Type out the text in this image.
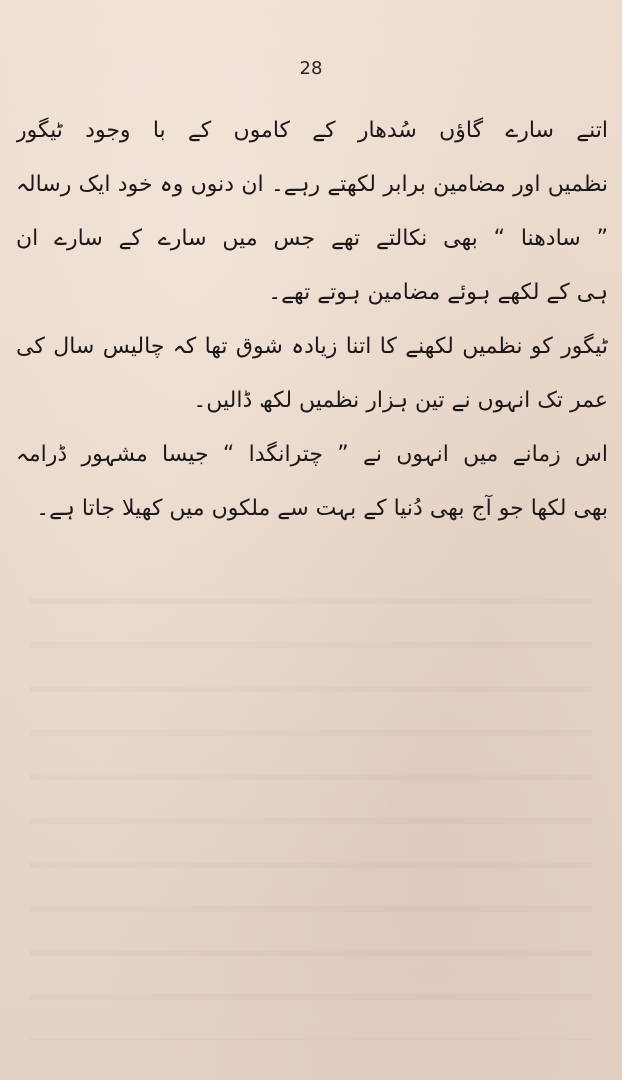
28
اتنے سارے گاؤں سُدھار کے کاموں کے با وجود ٹیگور
نظمیں اور مضامین برابر لکھتے رہے۔ ان دنوں وہ خود ایک رسالہ
” سادھنا “ بھی نکالتے تھے جس میں سارے کے سارے ان
ہی کے لکھے ہوئے مضامین ہوتے تھے۔
ٹیگور کو نظمیں لکھنے کا اتنا زیادہ شوق تھا کہ چالیس سال کی
عمر تک انہوں نے تین ہزار نظمیں لکھ ڈالیں۔
اس زمانے میں انہوں نے ” چترانگدا “ جیسا مشہور ڈرامہ
بھی لکھا جو آج بھی دُنیا کے بہت سے ملکوں میں کھیلا جاتا ہے۔
